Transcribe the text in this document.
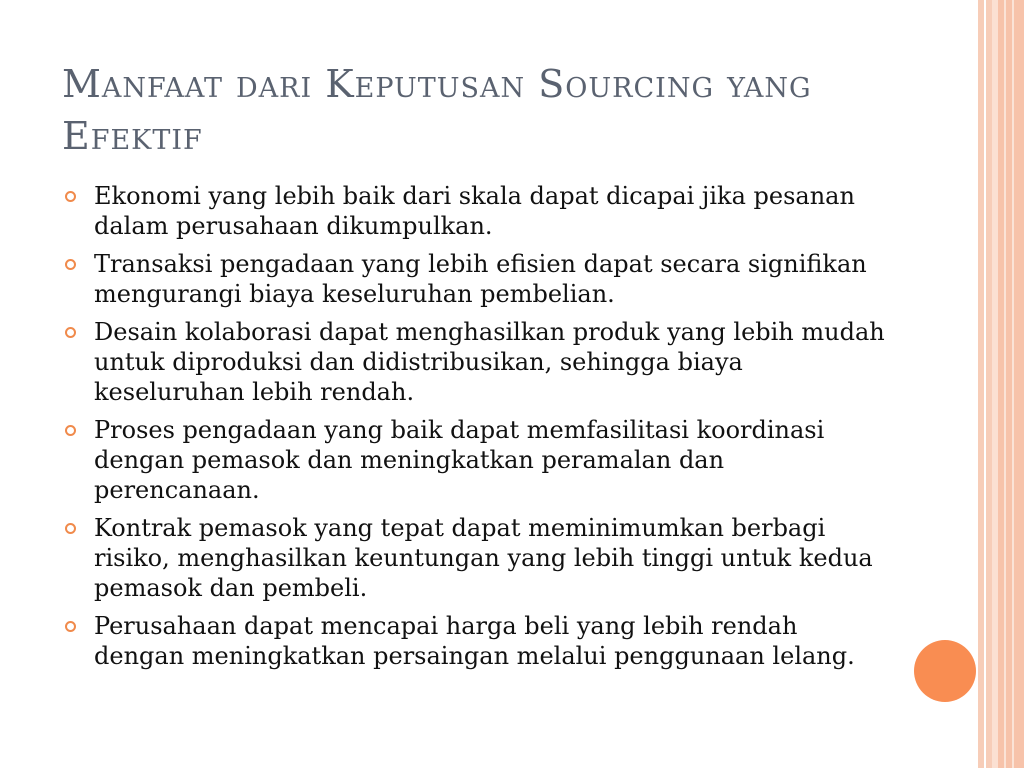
Manfaat dari Keputusan Sourcing yang Efektif
Ekonomi yang lebih baik dari skala dapat dicapai jika pesanan dalam perusahaan dikumpulkan.
Transaksi pengadaan yang lebih efisien dapat secara signifikan mengurangi biaya keseluruhan pembelian.
Desain kolaborasi dapat menghasilkan produk yang lebih mudah untuk diproduksi dan didistribusikan, sehingga biaya keseluruhan lebih rendah.
Proses pengadaan yang baik dapat memfasilitasi koordinasi dengan pemasok dan meningkatkan peramalan dan perencanaan.
Kontrak pemasok yang tepat dapat meminimumkan berbagi risiko, menghasilkan keuntungan yang lebih tinggi untuk kedua pemasok dan pembeli.
Perusahaan dapat mencapai harga beli yang lebih rendah dengan meningkatkan persaingan melalui penggunaan lelang.
